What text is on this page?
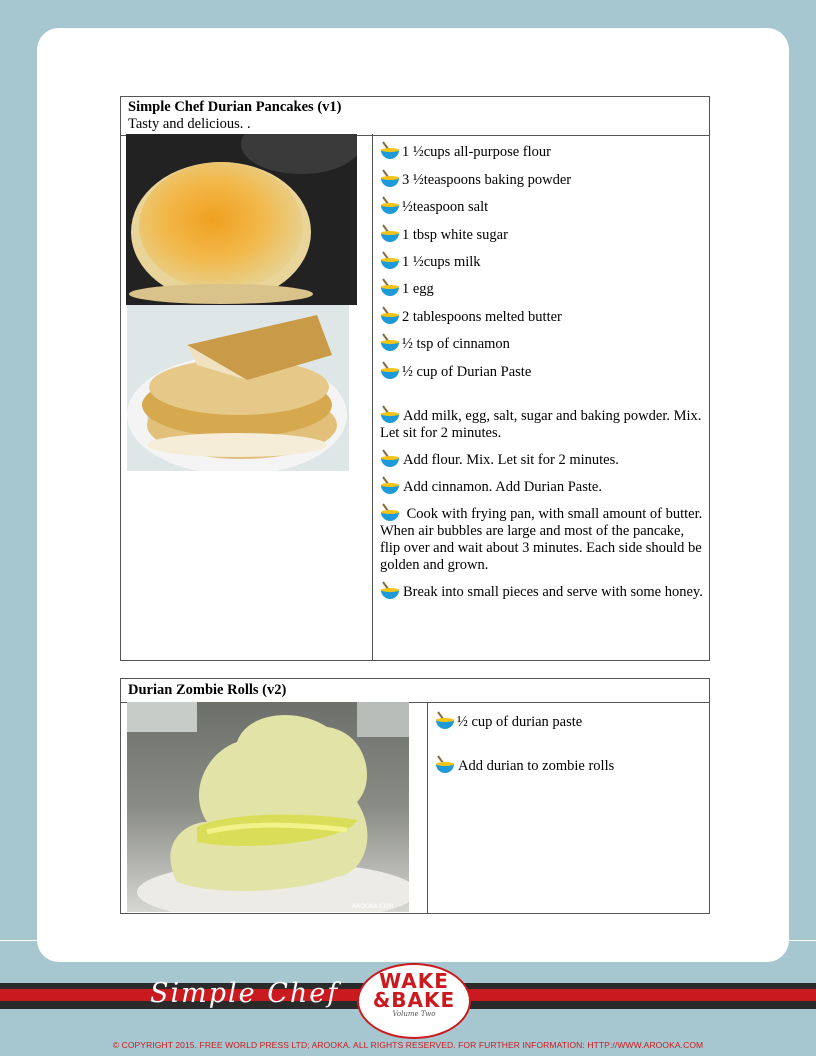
Simple Chef Durian Pancakes (v1)
Tasty and delicious. .
1 ½cups all-purpose flour
3 ½teaspoons baking powder
½teaspoon salt
1 tbsp white sugar
1 ½cups milk
1 egg
2 tablespoons melted butter
½ tsp of cinnamon
½ cup of Durian Paste
Add milk, egg, salt, sugar and baking powder. Mix. Let sit for 2 minutes.
Add flour. Mix. Let sit for 2 minutes.
Add cinnamon. Add Durian Paste.
Cook with frying pan, with small amount of butter. When air bubbles are large and most of the pancake, flip over and wait about 3 minutes. Each side should be golden and grown.
Break into small pieces and serve with some honey.
Durian Zombie Rolls (v2)
AROOKA.COM
½ cup of durian paste
Add durian to zombie rolls
Simple Chef	WAKE
&BAKE
Volume Two
© COPYRIGHT 2015. FREE WORLD PRESS LTD; AROOKA. ALL RIGHTS RESERVED. FOR FURTHER INFORMATION: HTTP://WWW.AROOKA.COM
